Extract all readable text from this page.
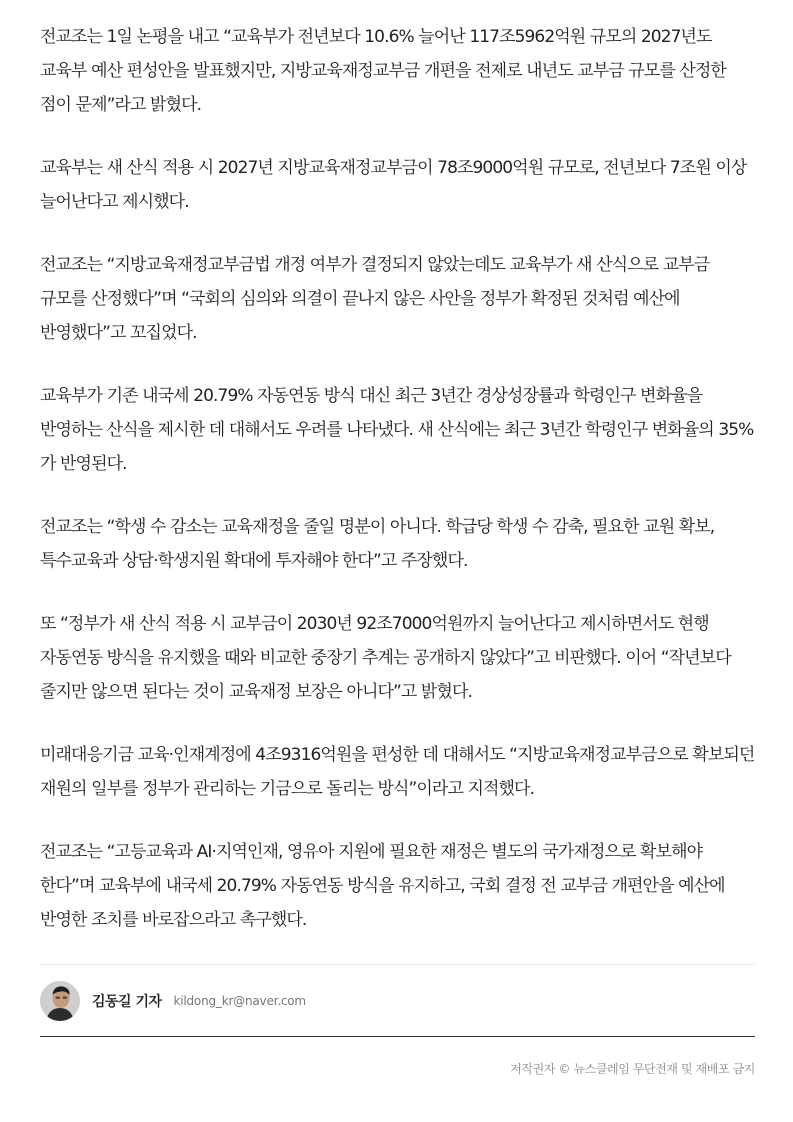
전교조는 1일 논평을 내고 “교육부가 전년보다 10.6% 늘어난 117조5962억원 규모의 2027년도 교육부 예산 편성안을 발표했지만, 지방교육재정교부금 개편을 전제로 내년도 교부금 규모를 산정한 점이 문제”라고 밝혔다.

교육부는 새 산식 적용 시 2027년 지방교육재정교부금이 78조9000억원 규모로, 전년보다 7조원 이상 늘어난다고 제시했다.

전교조는 “지방교육재정교부금법 개정 여부가 결정되지 않았는데도 교육부가 새 산식으로 교부금 규모를 산정했다”며 “국회의 심의와 의결이 끝나지 않은 사안을 정부가 확정된 것처럼 예산에 반영했다”고 꼬집었다.

교육부가 기존 내국세 20.79% 자동연동 방식 대신 최근 3년간 경상성장률과 학령인구 변화율을 반영하는 산식을 제시한 데 대해서도 우려를 나타냈다. 새 산식에는 최근 3년간 학령인구 변화율의 35%가 반영된다.

전교조는 “학생 수 감소는 교육재정을 줄일 명분이 아니다. 학급당 학생 수 감축, 필요한 교원 확보, 특수교육과 상담·학생지원 확대에 투자해야 한다”고 주장했다.

또 “정부가 새 산식 적용 시 교부금이 2030년 92조7000억원까지 늘어난다고 제시하면서도 현행 자동연동 방식을 유지했을 때와 비교한 중장기 추계는 공개하지 않았다”고 비판했다. 이어 “작년보다 줄지만 않으면 된다는 것이 교육재정 보장은 아니다”고 밝혔다.

미래대응기금 교육·인재계정에 4조9316억원을 편성한 데 대해서도 “지방교육재정교부금으로 확보되던 재원의 일부를 정부가 관리하는 기금으로 돌리는 방식”이라고 지적했다.

전교조는 “고등교육과 AI·지역인재, 영유아 지원에 필요한 재정은 별도의 국가재정으로 확보해야 한다”며 교육부에 내국세 20.79% 자동연동 방식을 유지하고, 국회 결정 전 교부금 개편안을 예산에 반영한 조치를 바로잡으라고 촉구했다.

김동길 기자 kildong_kr@naver.com
저작권자 © 뉴스클레임 무단전재 및 재배포 금지
